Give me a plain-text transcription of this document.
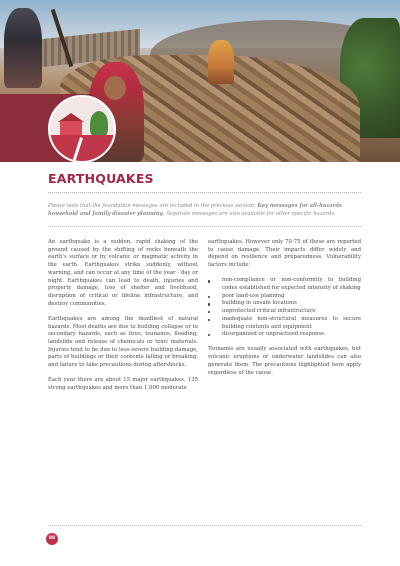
EARTHQUAKES

Please note that the foundation messages are included in the previous section: Key messages for all-hazards household and family disaster planning. Separate messages are also available for other specific hazards.

An earthquake is a sudden, rapid shaking of the ground caused by the shifting of rocks beneath the earth's surface or by volcanic or magmatic activity in the earth. Earthquakes strike suddenly, without warning, and can occur at any time of the year - day or night. Earthquakes can lead to death, injuries and property damage, loss of shelter and livelihood, disruption of critical or lifeline infrastructure, and destroy communities.

Earthquakes are among the deadliest of natural hazards. Most deaths are due to building collapse or to secondary hazards, such as fires, tsunamis, flooding, landslide and release of chemicals or toxic materials. Injuries tend to be due to less-severe building damage, parts of buildings or their contents falling or breaking, and failure to take precautions during aftershocks.

Each year there are about 15 major earthquakes, 135 strong earthquakes and more than 1,000 moderate

earthquakes. However only 70-75 of these are reported to cause damage. Their impacts differ widely and depend on resilience and preparedness. Vulnerability factors include:

non-compliance or non-conformity to building codes established for expected intensity of shaking
poor land-use planning
building in unsafe locations
unprotected critical infrastructure
inadequate non-structural measures to secure building contents and equipment
disorganized or unpractised response.

Tsunamis are usually associated with earthquakes, but volcanic eruptions or underwater landslides can also generate them. The precautions highlighted here apply regardless of the cause.

88
